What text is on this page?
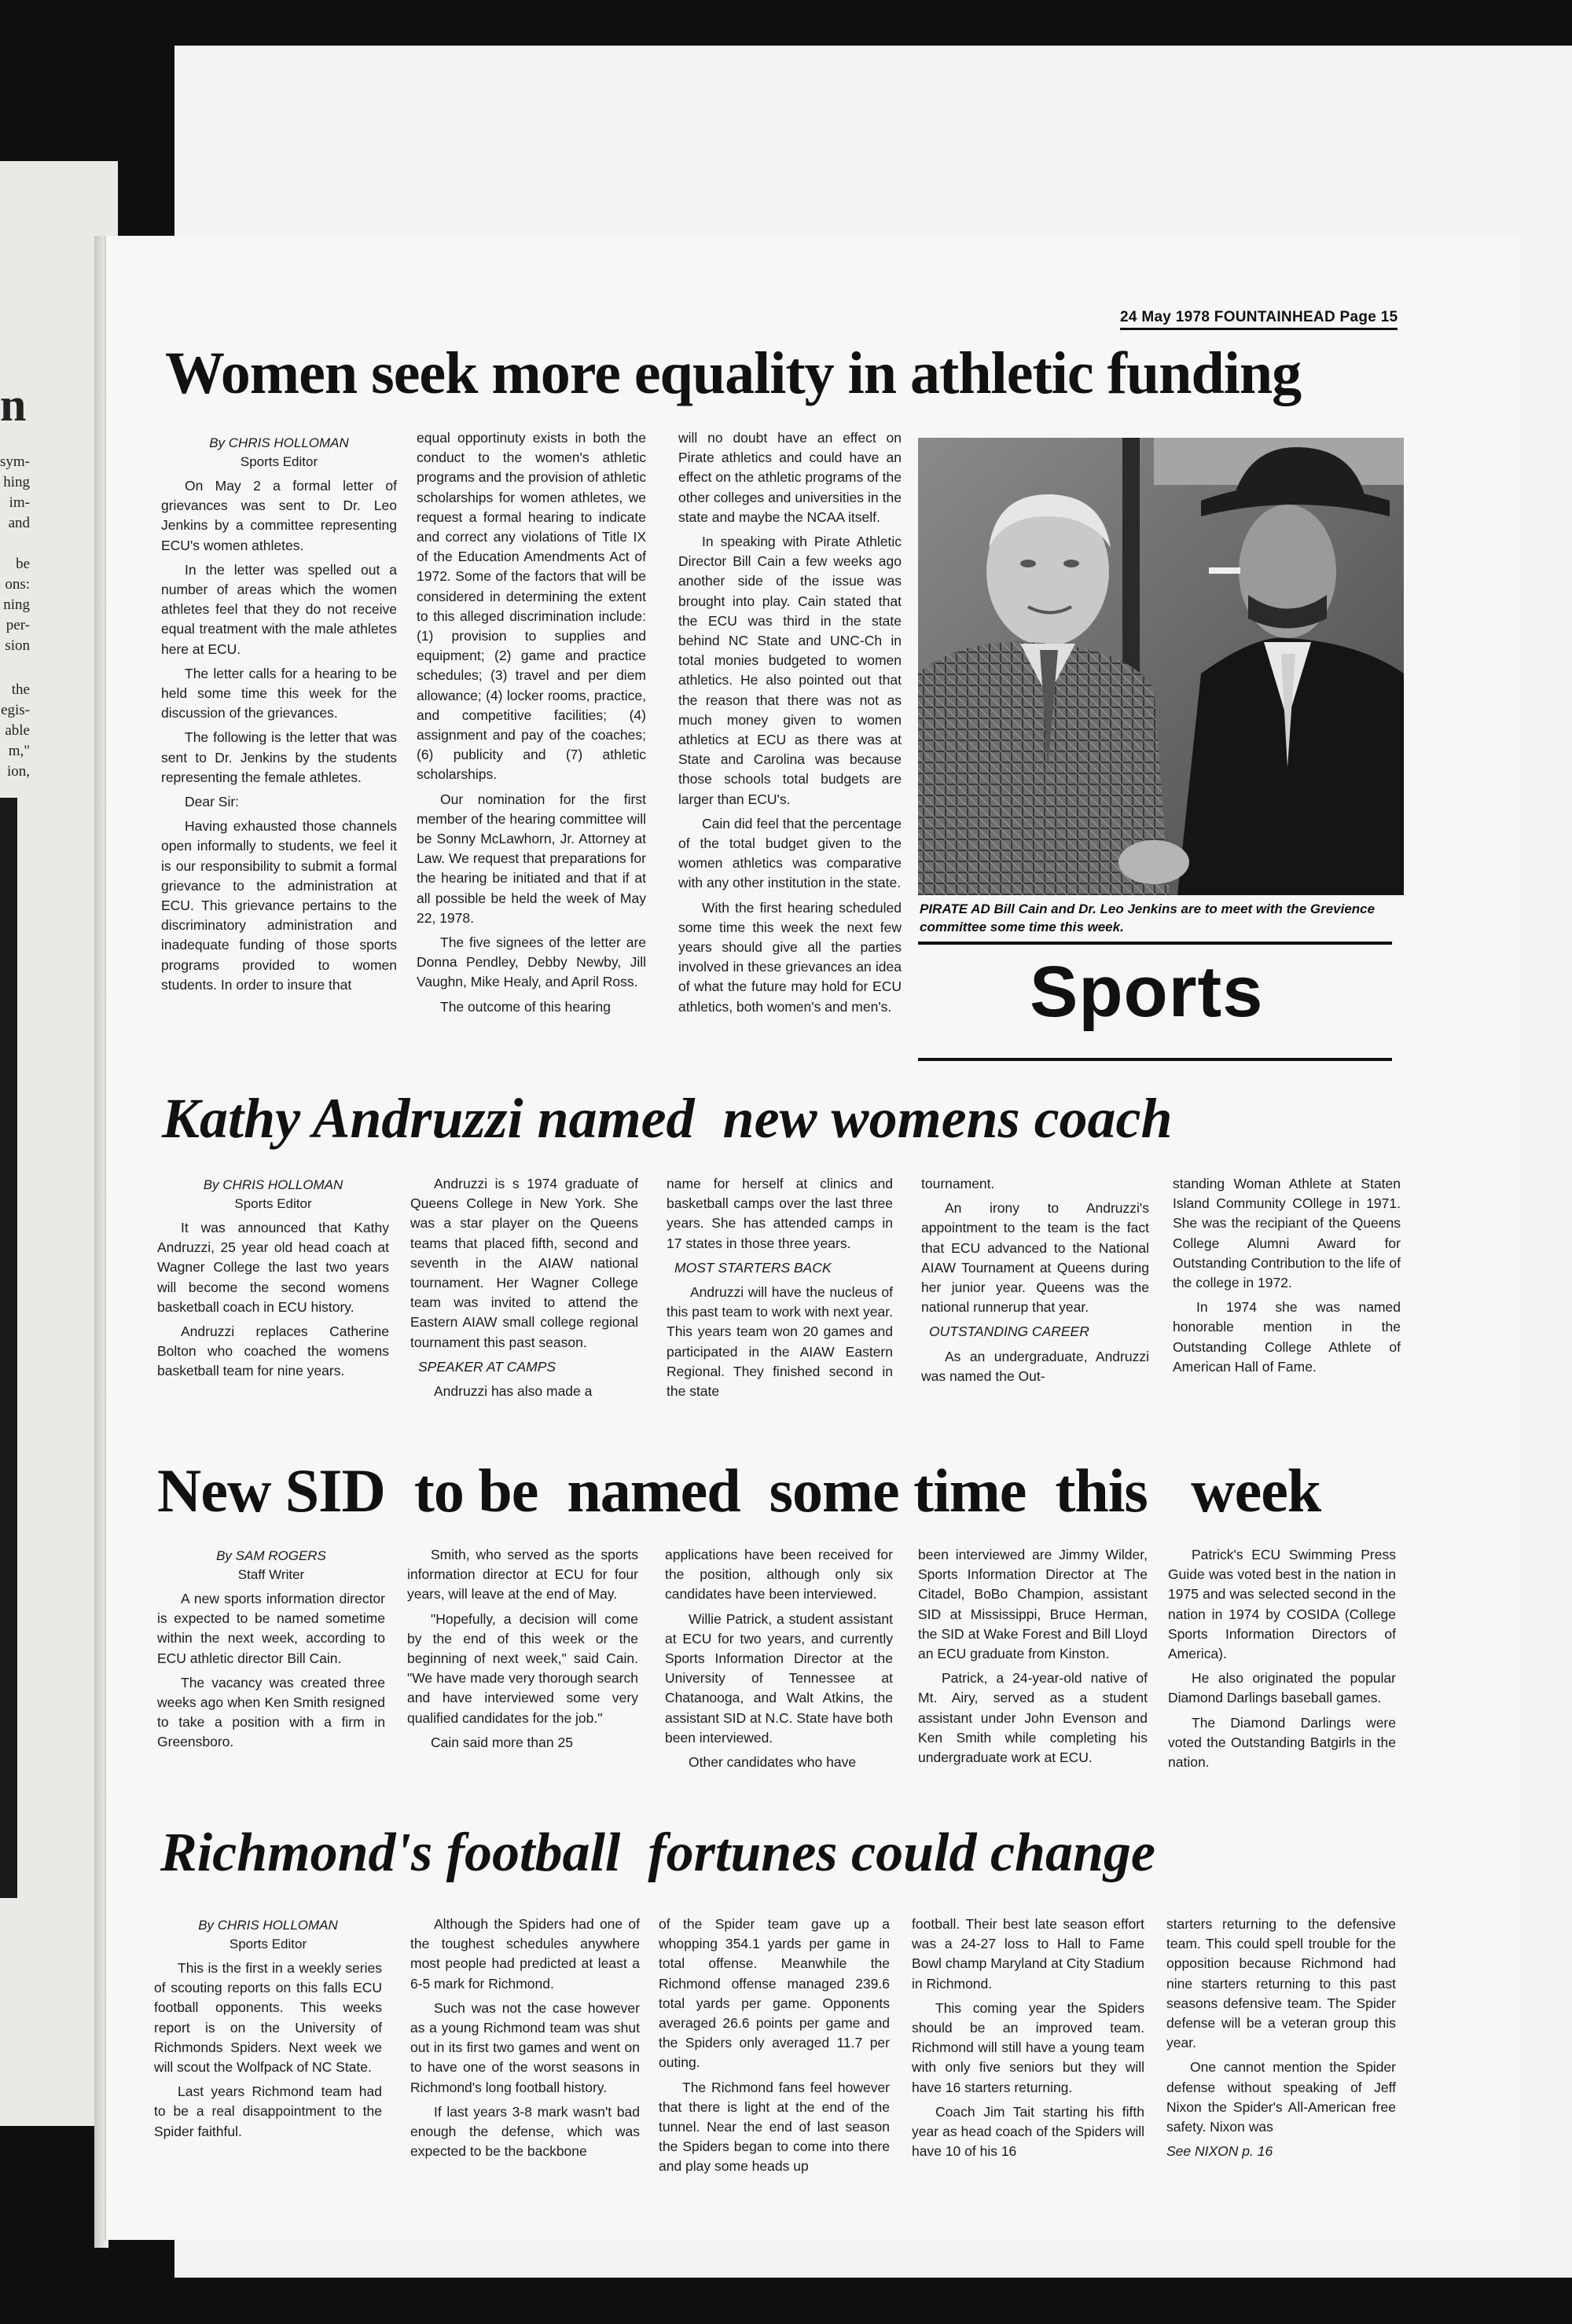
n
sym-
hing
im-
and
be
ons:
ning
per-
sion
the
egis-
able
m,"
ion,
24 May 1978 FOUNTAINHEAD Page 15
Women seek more equality in athletic funding

By CHRIS HOLLOMAN
Sports Editor

On May 2 a formal letter of grievances was sent to Dr. Leo Jenkins by a committee representing ECU's women athletes.

In the letter was spelled out a number of areas which the women athletes feel that they do not receive equal treatment with the male athletes here at ECU.

The letter calls for a hearing to be held some time this week for the discussion of the grievances.

The following is the letter that was sent to Dr. Jenkins by the students representing the female athletes.

Dear Sir:

Having exhausted those channels open informally to students, we feel it is our responsibility to submit a formal grievance to the administration at ECU. This grievance pertains to the discriminatory administration and inadequate funding of those sports programs provided to women students. In order to insure that

equal opportinuty exists in both the conduct to the women's athletic programs and the provision of athletic scholarships for women athletes, we request a formal hearing to indicate and correct any violations of Title IX of the Education Amendments Act of 1972. Some of the factors that will be considered in determining the extent to this alleged discrimination include: (1) provision to supplies and equipment; (2) game and practice schedules; (3) travel and per diem allowance; (4) locker rooms, practice, and competitive facilities; (4) assignment and pay of the coaches; (6) publicity and (7) athletic scholarships.

Our nomination for the first member of the hearing committee will be Sonny McLawhorn, Jr. Attorney at Law. We request that preparations for the hearing be initiated and that if at all possible be held the week of May 22, 1978.

The five signees of the letter are Donna Pendley, Debby Newby, Jill Vaughn, Mike Healy, and April Ross.

The outcome of this hearing

will no doubt have an effect on Pirate athletics and could have an effect on the athletic programs of the other colleges and universities in the state and maybe the NCAA itself.

In speaking with Pirate Athletic Director Bill Cain a few weeks ago another side of the issue was brought into play. Cain stated that the ECU was third in the state behind NC State and UNC-Ch in total monies budgeted to women athletics. He also pointed out that the reason that there was not as much money given to women athletics at ECU as there was at State and Carolina was because those schools total budgets are larger than ECU's.

Cain did feel that the percentage of the total budget given to the women athletics was comparative with any other institution in the state.

With the first hearing scheduled some time this week the next few years should give all the parties involved in these grievances an idea of what the future may hold for ECU athletics, both women's and men's.

PIRATE AD Bill Cain and Dr. Leo Jenkins are to meet with the Grevience committee some time this week.
Sports
Kathy Andruzzi named  new womens coach

By CHRIS HOLLOMAN
Sports Editor

It was announced that Kathy Andruzzi, 25 year old head coach at Wagner College the last two years will become the second womens basketball coach in ECU history.

Andruzzi replaces Catherine Bolton who coached the womens basketball team for nine years.

Andruzzi is s 1974 graduate of Queens College in New York. She was a star player on the Queens teams that placed fifth, second and seventh in the AIAW national tournament. Her Wagner College team was invited to attend the Eastern AIAW small college regional tournament this past season.

SPEAKER AT CAMPS

Andruzzi has also made a

name for herself at clinics and basketball camps over the last three years. She has attended camps in 17 states in those three years.

MOST STARTERS BACK

Andruzzi will have the nucleus of this past team to work with next year. This years team won 20 games and participated in the AIAW Eastern Regional. They finished second in the state

tournament.

An irony to Andruzzi's appointment to the team is the fact that ECU advanced to the National AIAW Tournament at Queens during her junior year. Queens was the national runnerup that year.

OUTSTANDING CAREER

As an undergraduate, Andruzzi was named the Out-

standing Woman Athlete at Staten Island Community COllege in 1971. She was the recipiant of the Queens College Alumni Award for Outstanding Contribution to the life of the college in 1972.

In 1974 she was named honorable mention in the Outstanding College Athlete of American Hall of Fame.

New SID  to be  named  some time  this   week

By SAM ROGERS
Staff Writer

A new sports information director is expected to be named sometime within the next week, according to ECU athletic director Bill Cain.

The vacancy was created three weeks ago when Ken Smith resigned to take a position with a firm in Greensboro.

Smith, who served as the sports information director at ECU for four years, will leave at the end of May.

"Hopefully, a decision will come by the end of this week or the beginning of next week," said Cain. "We have made very thorough search and have interviewed some very qualified candidates for the job."

Cain said more than 25

applications have been received for the position, although only six candidates have been interviewed.

Willie Patrick, a student assistant at ECU for two years, and currently Sports Information Director at the University of Tennessee at Chatanooga, and Walt Atkins, the assistant SID at N.C. State have both been interviewed.

Other candidates who have

been interviewed are Jimmy Wilder, Sports Information Director at The Citadel, BoBo Champion, assistant SID at Mississippi, Bruce Herman, the SID at Wake Forest and Bill Lloyd an ECU graduate from Kinston.

Patrick, a 24-year-old native of Mt. Airy, served as a student assistant under John Evenson and Ken Smith while completing his undergraduate work at ECU.

Patrick's ECU Swimming Press Guide was voted best in the nation in 1975 and was selected second in the nation in 1974 by COSIDA (College Sports Information Directors of America).

He also originated the popular Diamond Darlings baseball games.

The Diamond Darlings were voted the Outstanding Batgirls in the nation.

Richmond's football  fortunes could change

By CHRIS HOLLOMAN
Sports Editor

This is the first in a weekly series of scouting reports on this falls ECU football opponents. This weeks report is on the University of Richmonds Spiders. Next week we will scout the Wolfpack of NC State.

Last years Richmond team had to be a real disappointment to the Spider faithful.

Although the Spiders had one of the toughest schedules anywhere most people had predicted at least a 6-5 mark for Richmond.

Such was not the case however as a young Richmond team was shut out in its first two games and went on to have one of the worst seasons in Richmond's long football history.

If last years 3-8 mark wasn't bad enough the defense, which was expected to be the backbone

of the Spider team gave up a whopping 354.1 yards per game in total offense. Meanwhile the Richmond offense managed 239.6 total yards per game. Opponents averaged 26.6 points per game and the Spiders only averaged 11.7 per outing.

The Richmond fans feel however that there is light at the end of the tunnel. Near the end of last season the Spiders began to come into there and play some heads up

football. Their best late season effort was a 24-27 loss to Hall to Fame Bowl champ Maryland at City Stadium in Richmond.

This coming year the Spiders should be an improved team. Richmond will still have a young team with only five seniors but they will have 16 starters returning.

Coach Jim Tait starting his fifth year as head coach of the Spiders will have 10 of his 16

starters returning to the defensive team. This could spell trouble for the opposition because Richmond had nine starters returning to this past seasons defensive team. The Spider defense will be a veteran group this year.

One cannot mention the Spider defense without speaking of Jeff Nixon the Spider's All-American free safety. Nixon was

See NIXON p. 16
